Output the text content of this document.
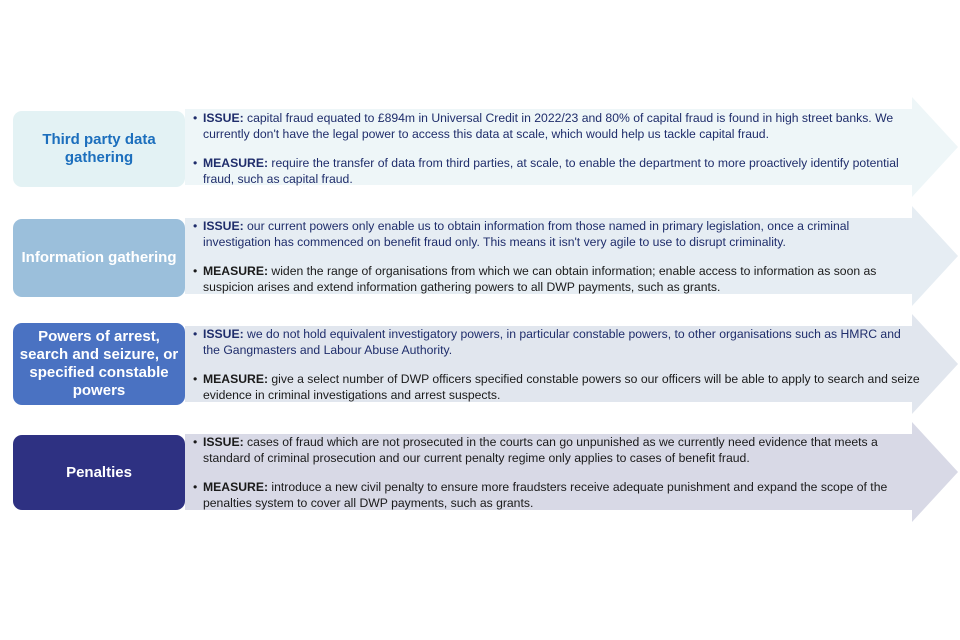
Third party data gathering
• ISSUE: capital fraud equated to £894m in Universal Credit in 2022/23 and 80% of capital fraud is found in high street banks. We currently don't have the legal power to access this data at scale, which would help us tackle capital fraud.
• MEASURE: require the transfer of data from third parties, at scale, to enable the department to more proactively identify potential fraud, such as capital fraud.
Information gathering
• ISSUE: our current powers only enable us to obtain information from those named in primary legislation, once a criminal investigation has commenced on benefit fraud only. This means it isn't very agile to use to disrupt criminality.
• MEASURE: widen the range of organisations from which we can obtain information; enable access to information as soon as suspicion arises and extend information gathering powers to all DWP payments, such as grants.
Powers of arrest, search and seizure, or specified constable powers
• ISSUE: we do not hold equivalent investigatory powers, in particular constable powers, to other organisations such as HMRC and the Gangmasters and Labour Abuse Authority.
• MEASURE: give a select number of DWP officers specified constable powers so our officers will be able to apply to search and seize evidence in criminal investigations and arrest suspects.
Penalties
• ISSUE: cases of fraud which are not prosecuted in the courts can go unpunished as we currently need evidence that meets a standard of criminal prosecution and our current penalty regime only applies to cases of benefit fraud.
• MEASURE: introduce a new civil penalty to ensure more fraudsters receive adequate punishment and expand the scope of the penalties system to cover all DWP payments, such as grants.
